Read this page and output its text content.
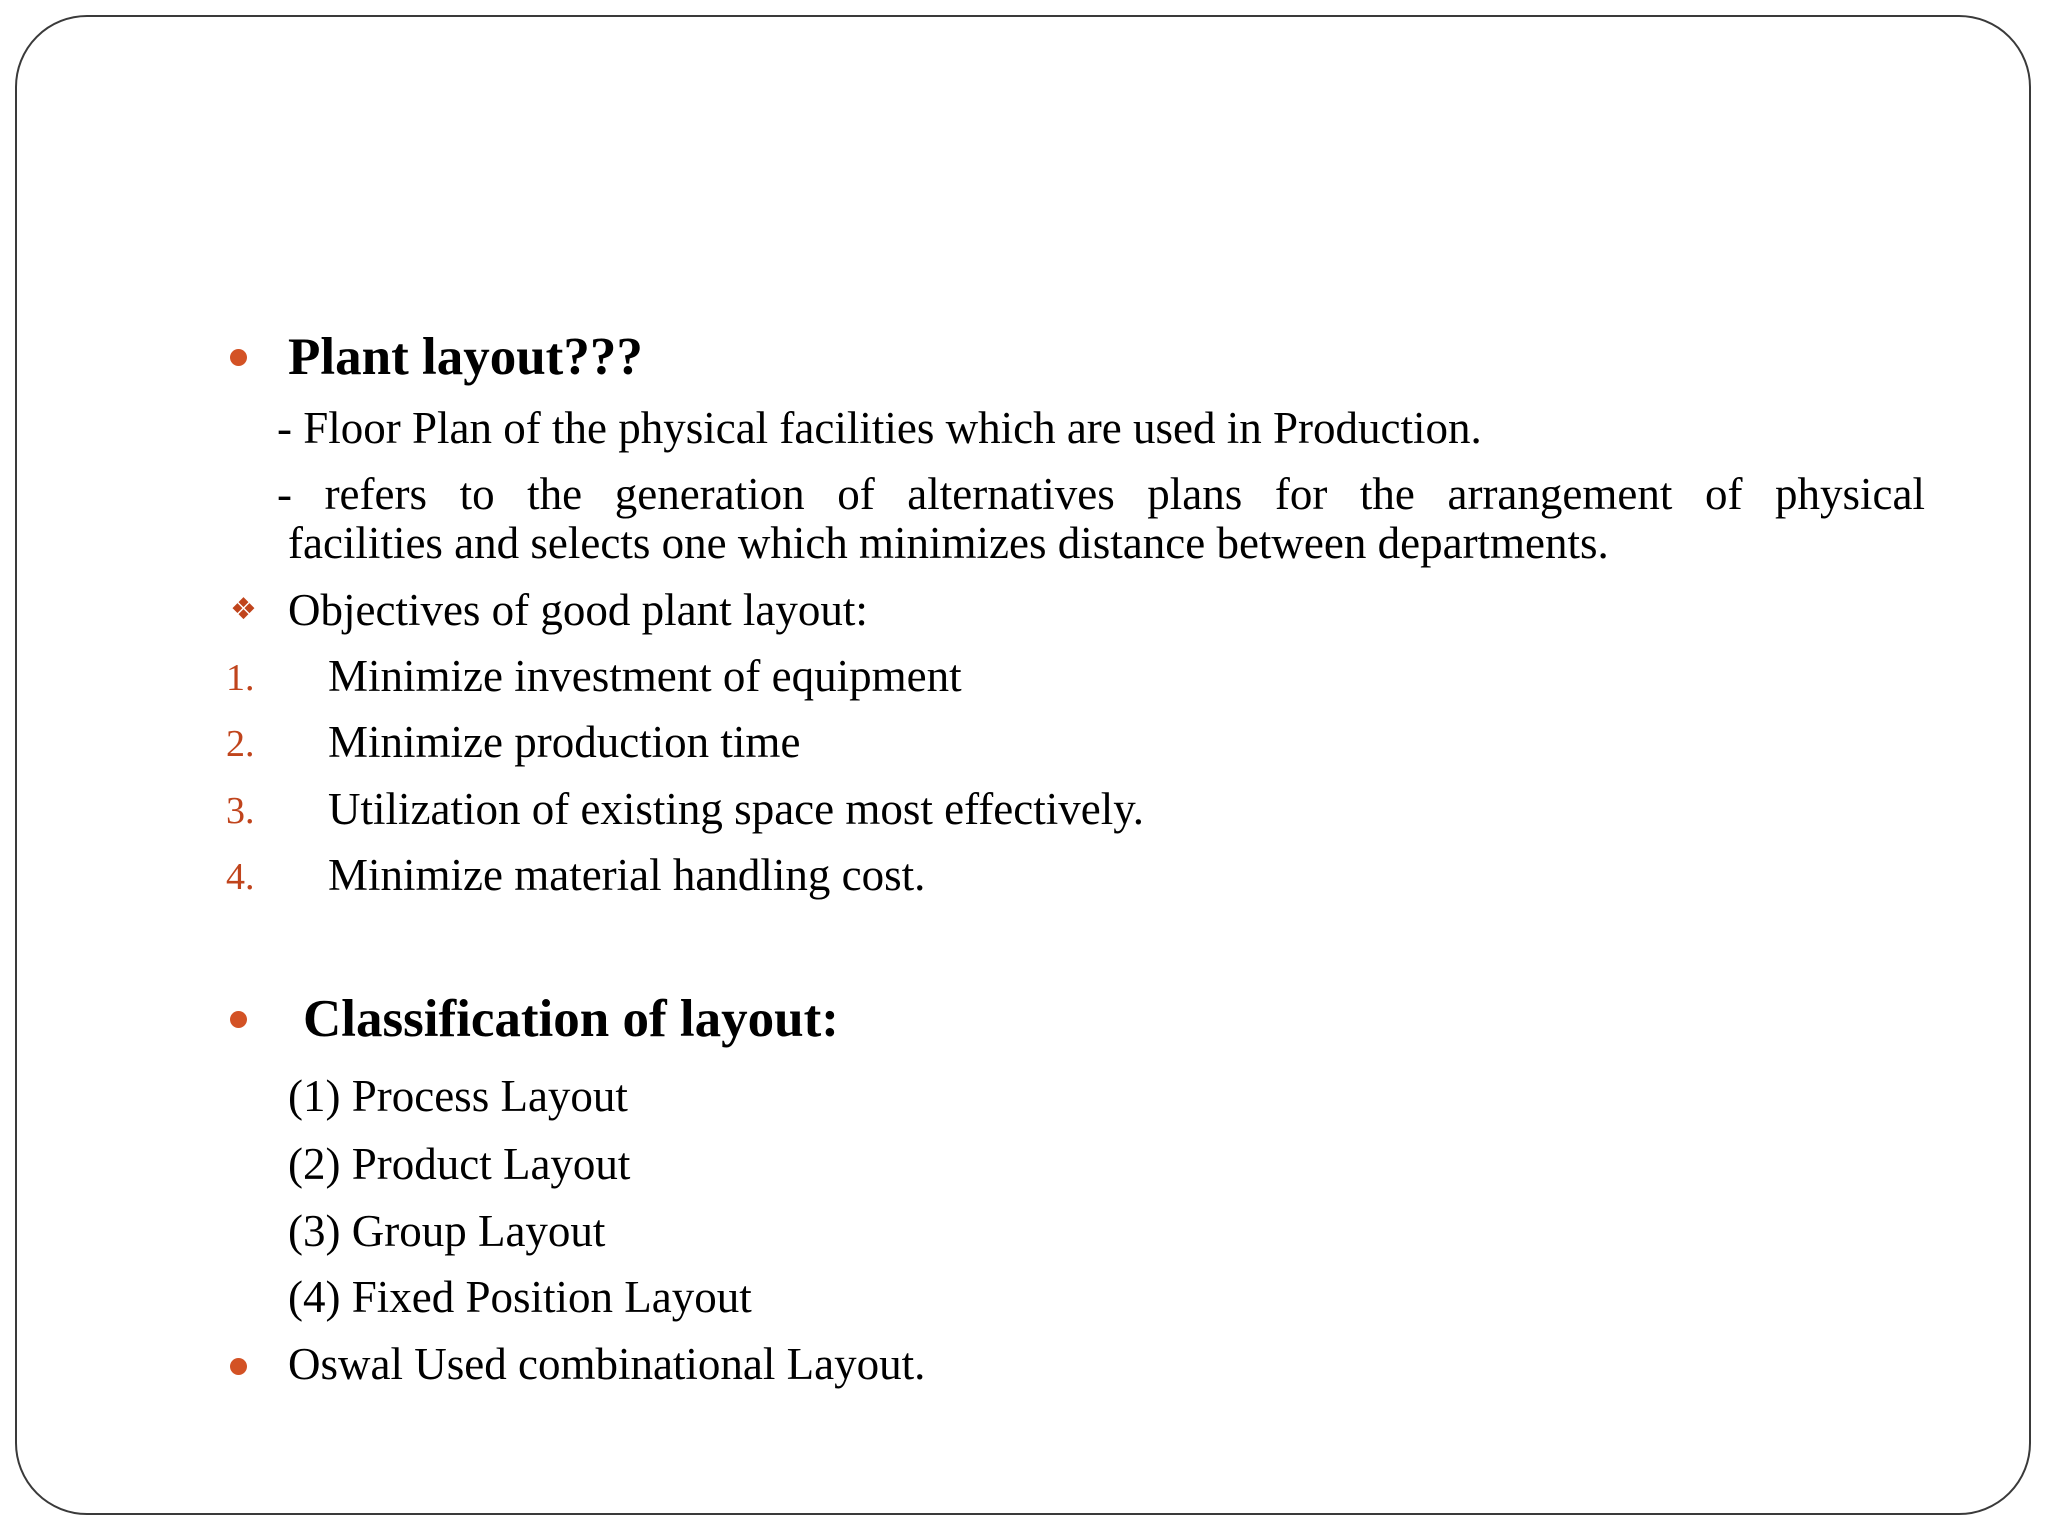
Plant layout???
- Floor Plan of the physical facilities which are used in Production.
- refers to the generation of alternatives plans for the arrangement of physical
facilities and selects one which minimizes distance between departments.
❖ Objectives of good plant layout:
1. Minimize investment of equipment
2. Minimize production time
3. Utilization of existing space most effectively.
4. Minimize material handling cost.
Classification of layout:
(1) Process Layout
(2) Product Layout
(3) Group Layout
(4) Fixed Position Layout
Oswal Used combinational Layout.
